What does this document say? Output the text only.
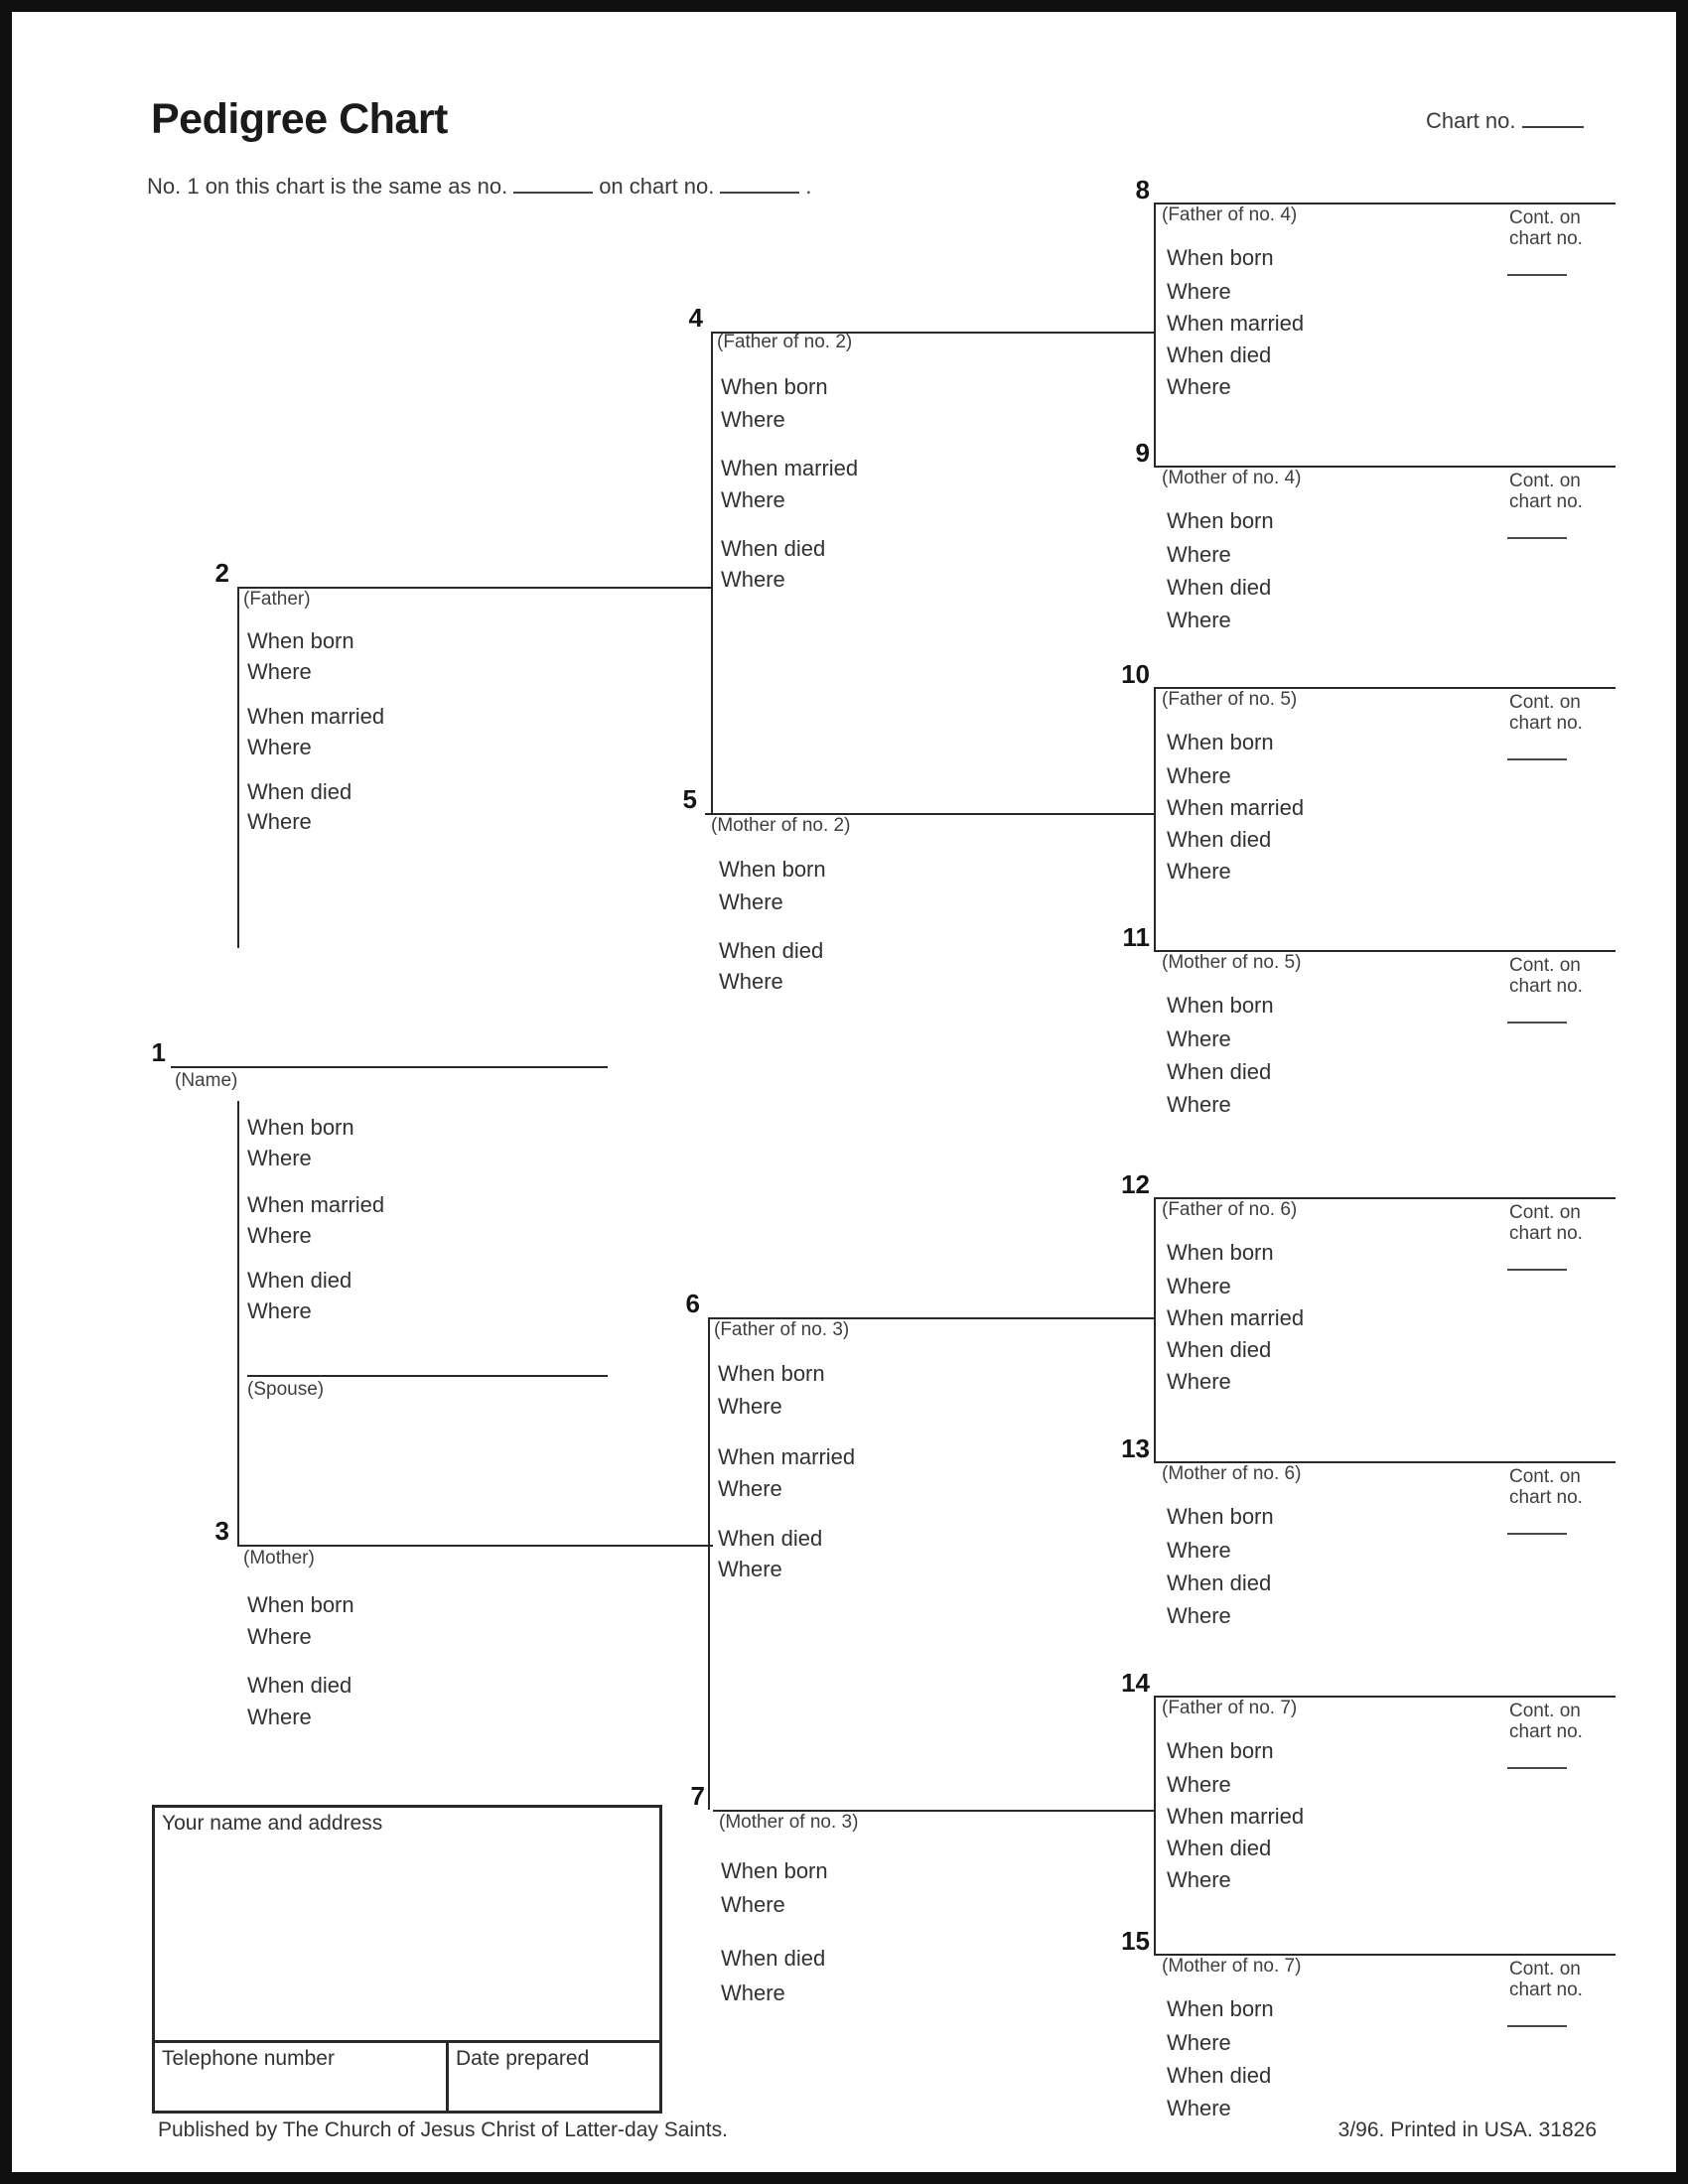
Pedigree Chart	Chart no.
No. 1 on this chart is the same as no.	on chart no.	.
1
(Name)
When born
Where
When married
Where
When died
Where
(Spouse)
2
(Father)
When born
Where
When married
Where
When died
Where
3
(Mother)
When born
Where
When died
Where
4
(Father of no. 2)
When born
Where
When married
Where
When died
Where
5
(Mother of no. 2)
When born
Where
When died
Where
6
(Father of no. 3)
When born
Where
When married
Where
When died
Where
7
(Mother of no. 3)
When born
Where
When died
Where
8
(Father of no. 4)
When born
Where
When married
When died
Where
Cont. on
chart no.
9
(Mother of no. 4)
When born
Where
When died
Where
Cont. on
chart no.
10
(Father of no. 5)
When born
Where
When married
When died
Where
Cont. on
chart no.
11
(Mother of no. 5)
When born
Where
When died
Where
Cont. on
chart no.
12
(Father of no. 6)
When born
Where
When married
When died
Where
Cont. on
chart no.
13
(Mother of no. 6)
When born
Where
When died
Where
Cont. on
chart no.
14
(Father of no. 7)
When born
Where
When married
When died
Where
Cont. on
chart no.
15
(Mother of no. 7)
When born
Where
When died
Where
Cont. on
chart no.
Your name and address
Telephone number	Date prepared
Published by The Church of Jesus Christ of Latter-day Saints.	3/96. Printed in USA. 31826
